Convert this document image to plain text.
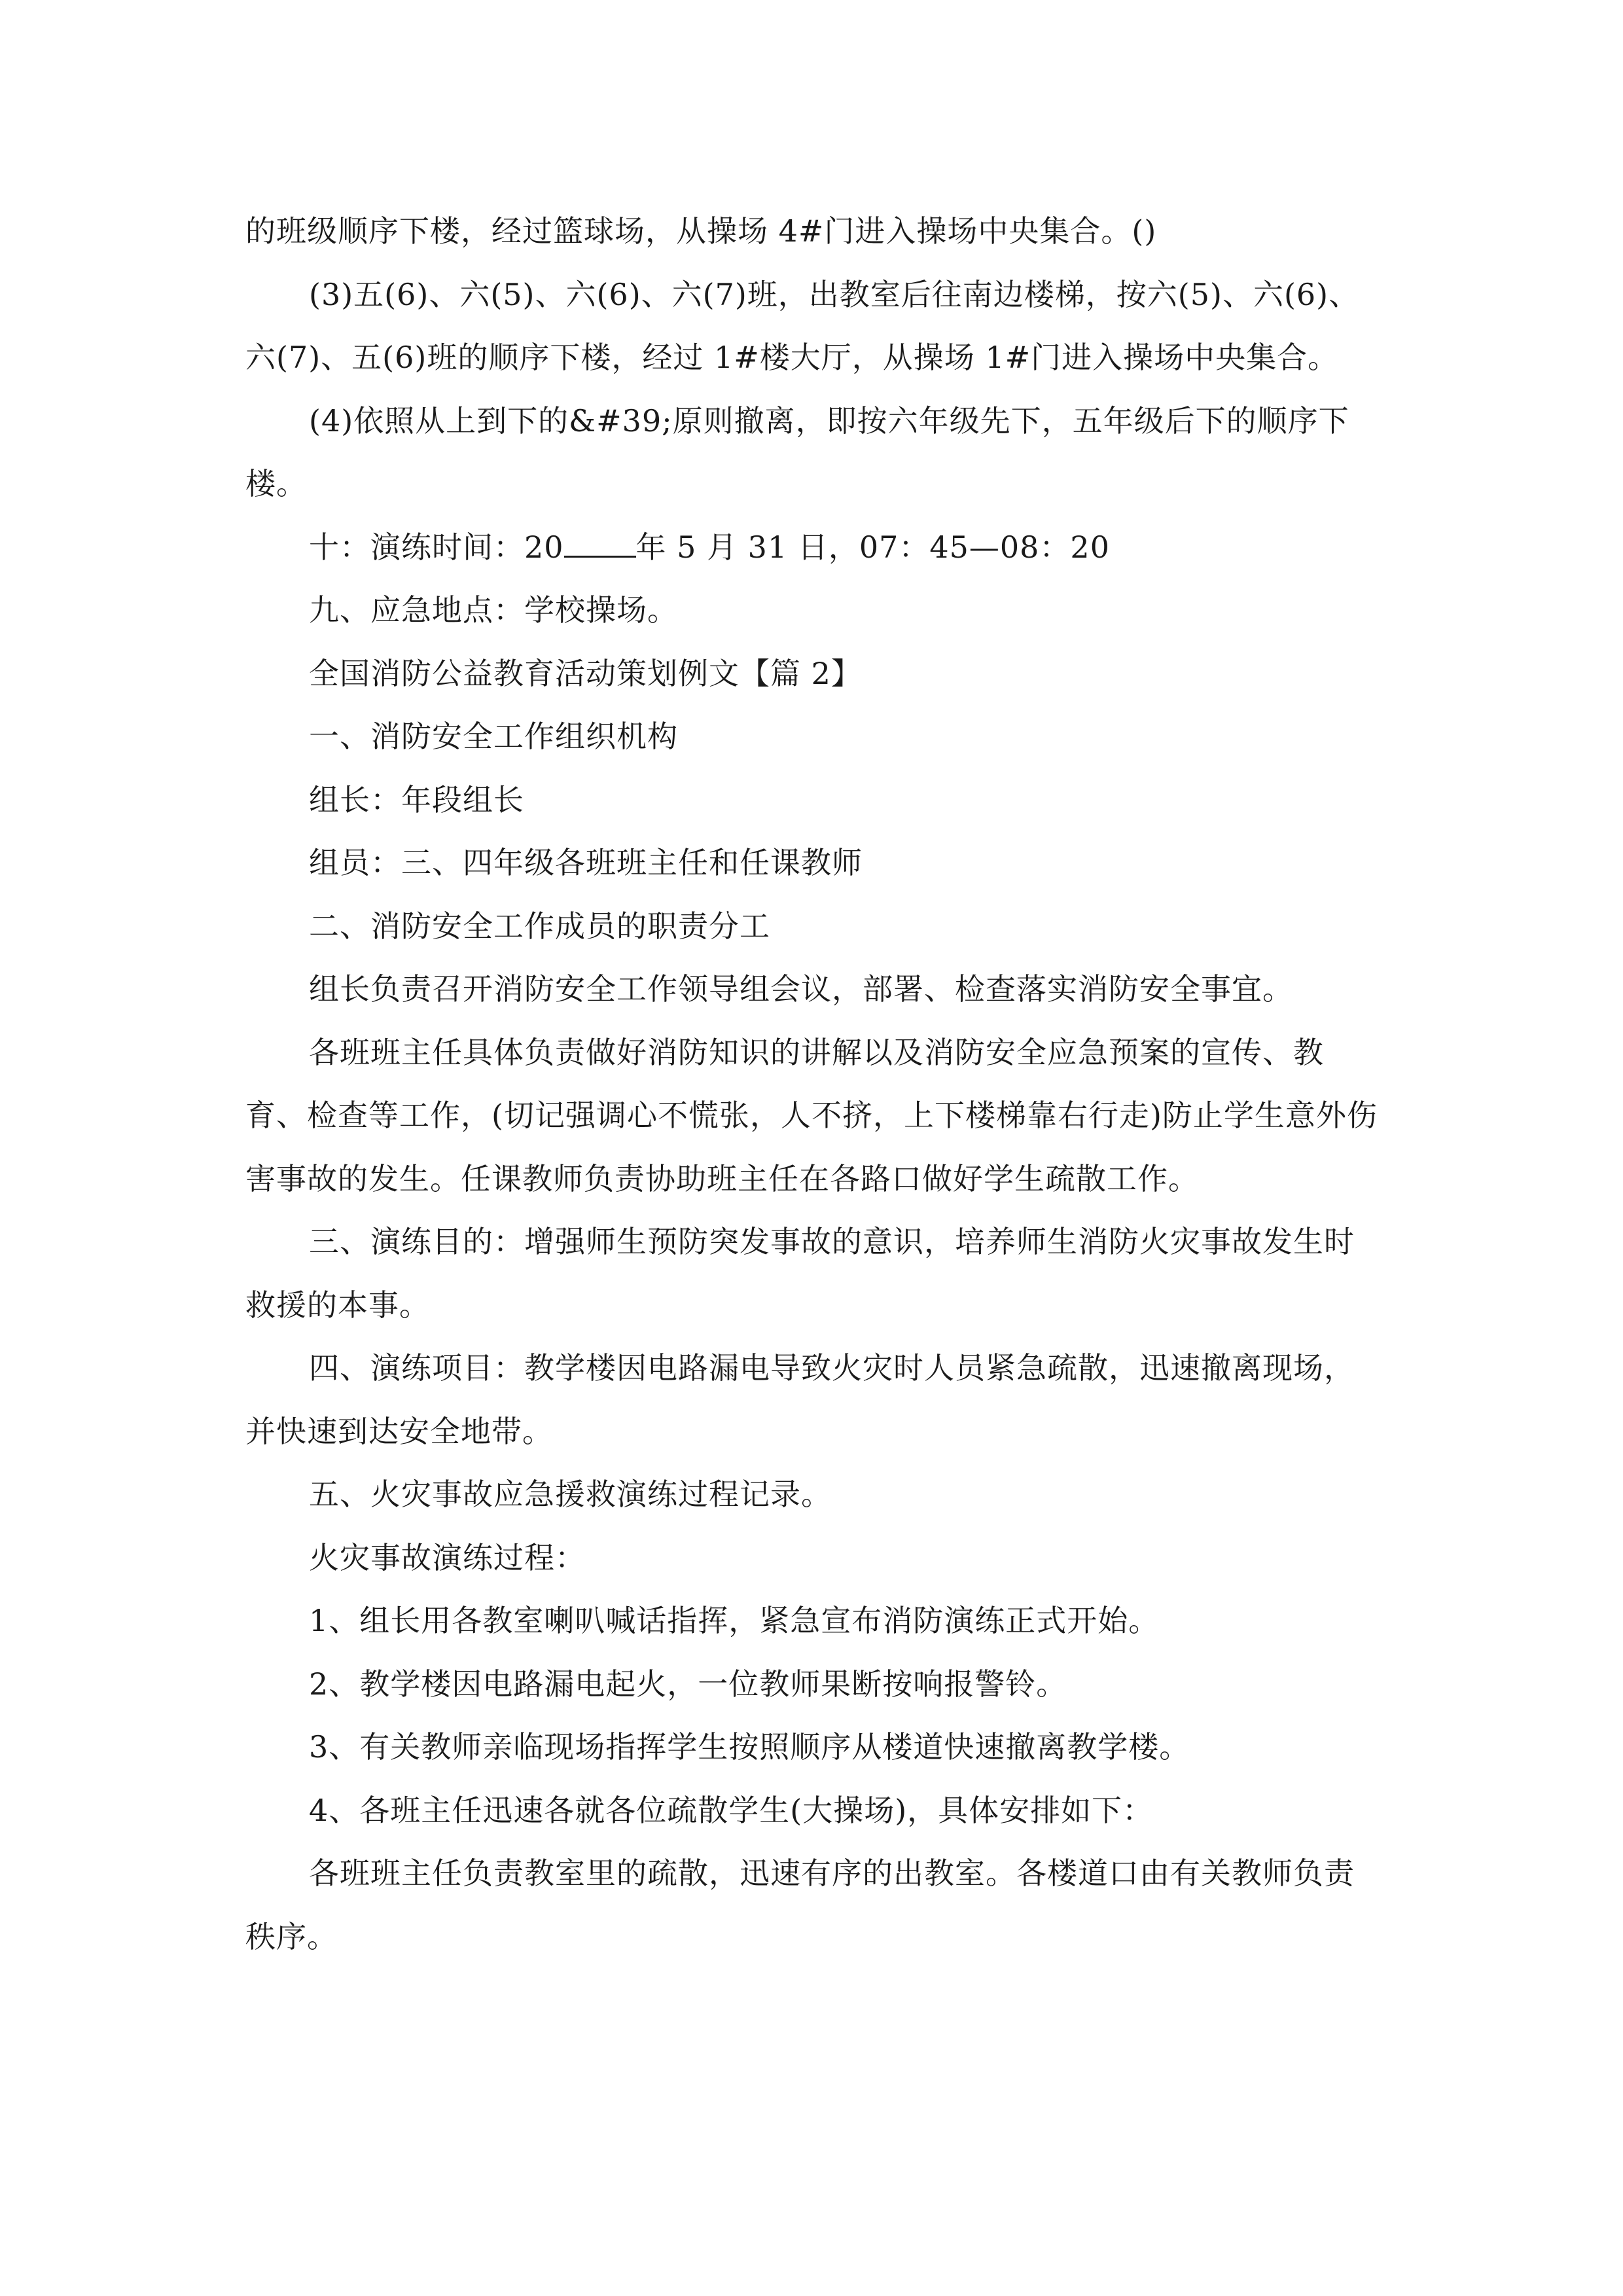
的班级顺序下楼，经过篮球场，从操场 4#门进入操场中央集合。()

(3)五(6)、六(5)、六(6)、六(7)班，出教室后往南边楼梯，按六(5)、六(6)、六(7)、五(6)班的顺序下楼，经过 1#楼大厅，从操场 1#门进入操场中央集合。

(4)依照从上到下的&#39;原则撤离，即按六年级先下，五年级后下的顺序下楼。

十：演练时间：20 年 5 月 31 日，07：45—08：20

九、应急地点：学校操场。

全国消防公益教育活动策划例文【篇 2】

一、消防安全工作组织机构

组长：年段组长

组员：三、四年级各班班主任和任课教师

二、消防安全工作成员的职责分工

组长负责召开消防安全工作领导组会议，部署、检查落实消防安全事宜。

各班班主任具体负责做好消防知识的讲解以及消防安全应急预案的宣传、教育、检查等工作，(切记强调心不慌张，人不挤，上下楼梯靠右行走)防止学生意外伤害事故的发生。任课教师负责协助班主任在各路口做好学生疏散工作。

三、演练目的：增强师生预防突发事故的意识，培养师生消防火灾事故发生时救援的本事。

四、演练项目：教学楼因电路漏电导致火灾时人员紧急疏散，迅速撤离现场，并快速到达安全地带。

五、火灾事故应急援救演练过程记录。

火灾事故演练过程：

1、组长用各教室喇叭喊话指挥，紧急宣布消防演练正式开始。

2、教学楼因电路漏电起火，一位教师果断按响报警铃。

3、有关教师亲临现场指挥学生按照顺序从楼道快速撤离教学楼。

4、各班主任迅速各就各位疏散学生(大操场)，具体安排如下：

各班班主任负责教室里的疏散，迅速有序的出教室。各楼道口由有关教师负责秩序。
